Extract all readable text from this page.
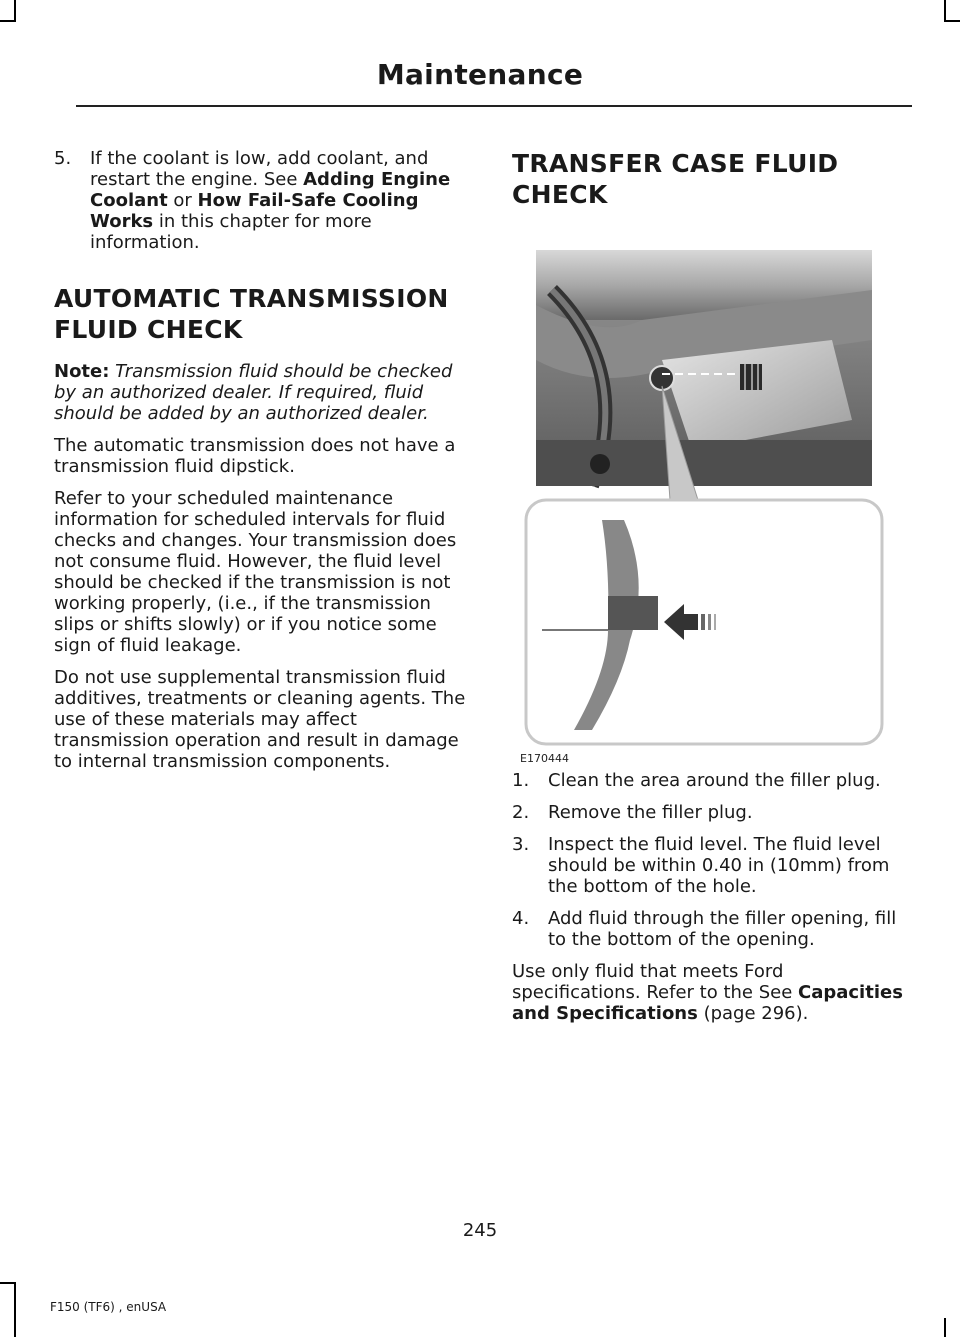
Maintenance
5. If the coolant is low, add coolant, and restart the engine. See Adding Engine Coolant or How Fail-Safe Cooling Works in this chapter for more information.
AUTOMATIC TRANSMISSION FLUID CHECK

Note: Transmission fluid should be checked by an authorized dealer. If required, fluid should be added by an authorized dealer.

The automatic transmission does not have a transmission fluid dipstick.

Refer to your scheduled maintenance information for scheduled intervals for fluid checks and changes. Your transmission does not consume fluid. However, the fluid level should be checked if the transmission is not working properly, (i.e., if the transmission slips or shifts slowly) or if you notice some sign of fluid leakage.

Do not use supplemental transmission fluid additives, treatments or cleaning agents. The use of these materials may affect transmission operation and result in damage to internal transmission components.

TRANSFER CASE FLUID CHECK
E170444
1. Clean the area around the filler plug.
2. Remove the filler plug.
3. Inspect the fluid level. The fluid level should be within 0.40 in (10mm) from the bottom of the hole.
4. Add fluid through the filler opening, fill to the bottom of the opening.

Use only fluid that meets Ford specifications. Refer to the See Capacities and Specifications (page 296).

245
F150 (TF6) , enUSA
